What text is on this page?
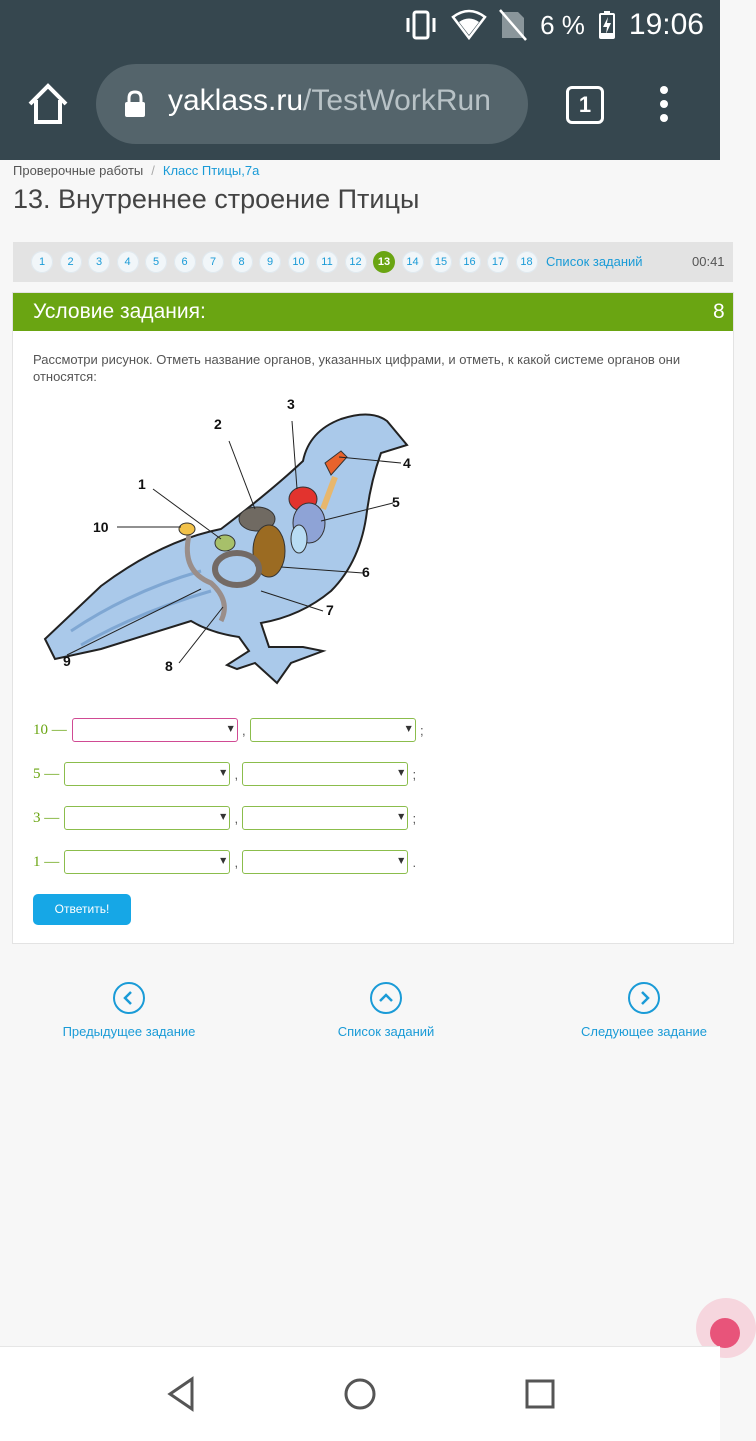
6 % 19:06
yaklass.ru/TestWorkRun	1
Проверочные работы / Класс Птицы,7а
13. Внутреннее строение Птицы
1	2	3	4	5	6	7	8	9	10	11	12	13	14	15	16	17	18	Список заданий	00:41
Условие задания:	8
Рассмотри рисунок. Отметь название органов, указанных цифрами, и отметь, к какой системе органов они относятся:
1
2
3
4
5
6
7
8
9
10
10 —	▼ ,	▼ ;
5 —	▼ ,	▼ ;
3 —	▼ ,	▼ ;
1 —	▼ ,	▼ .
Ответить!
Предыдущее задание	Список заданий	Следующее задание
